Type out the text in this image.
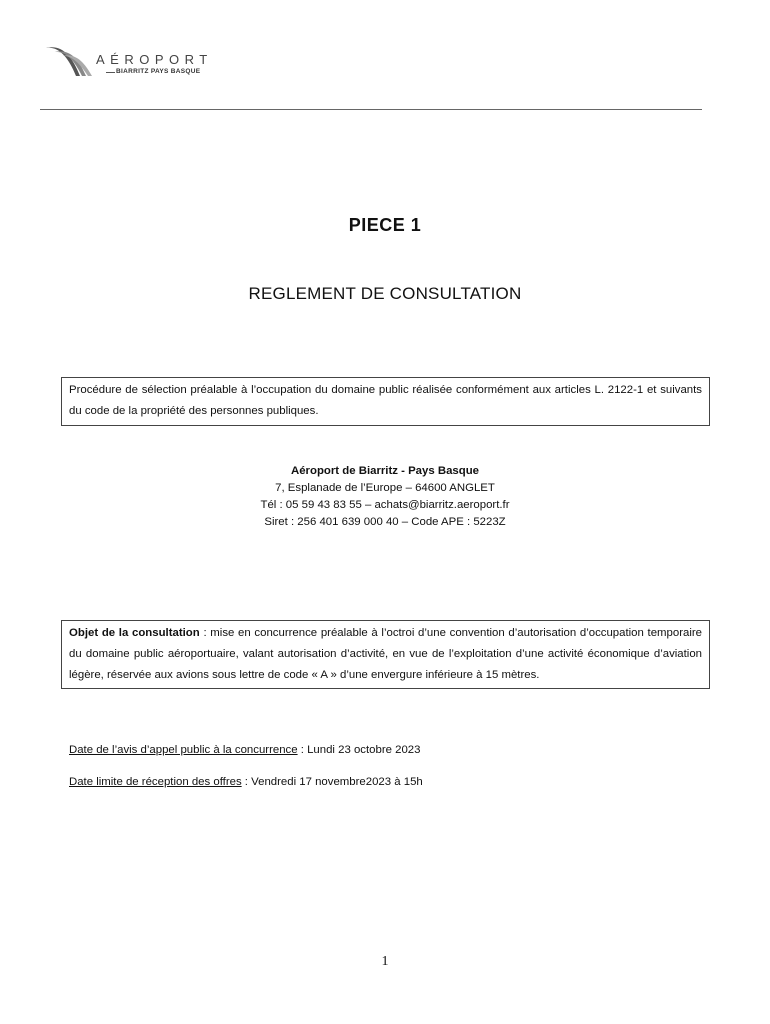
AÉROPORT
BIARRITZ PAYS BASQUE
PIECE 1
REGLEMENT DE CONSULTATION
Procédure de sélection préalable à l’occupation du domaine public réalisée conformément aux articles L. 2122-1 et suivants du code de la propriété des personnes publiques.
Aéroport de Biarritz - Pays Basque
7, Esplanade de l’Europe – 64600 ANGLET
Tél : 05 59 43 83 55 – achats@biarritz.aeroport.fr
Siret : 256 401 639 000 40 – Code APE : 5223Z
Objet de la consultation : mise en concurrence préalable à l’octroi d’une convention d’autorisation d’occupation temporaire du domaine public aéroportuaire, valant autorisation d’activité, en vue de l’exploitation d’une activité économique d’aviation légère, réservée aux avions sous lettre de code « A » d’une envergure inférieure à 15 mètres.
Date de l’avis d’appel public à la concurrence : Lundi 23 octobre 2023
Date limite de réception des offres : Vendredi 17 novembre2023 à 15h
1
